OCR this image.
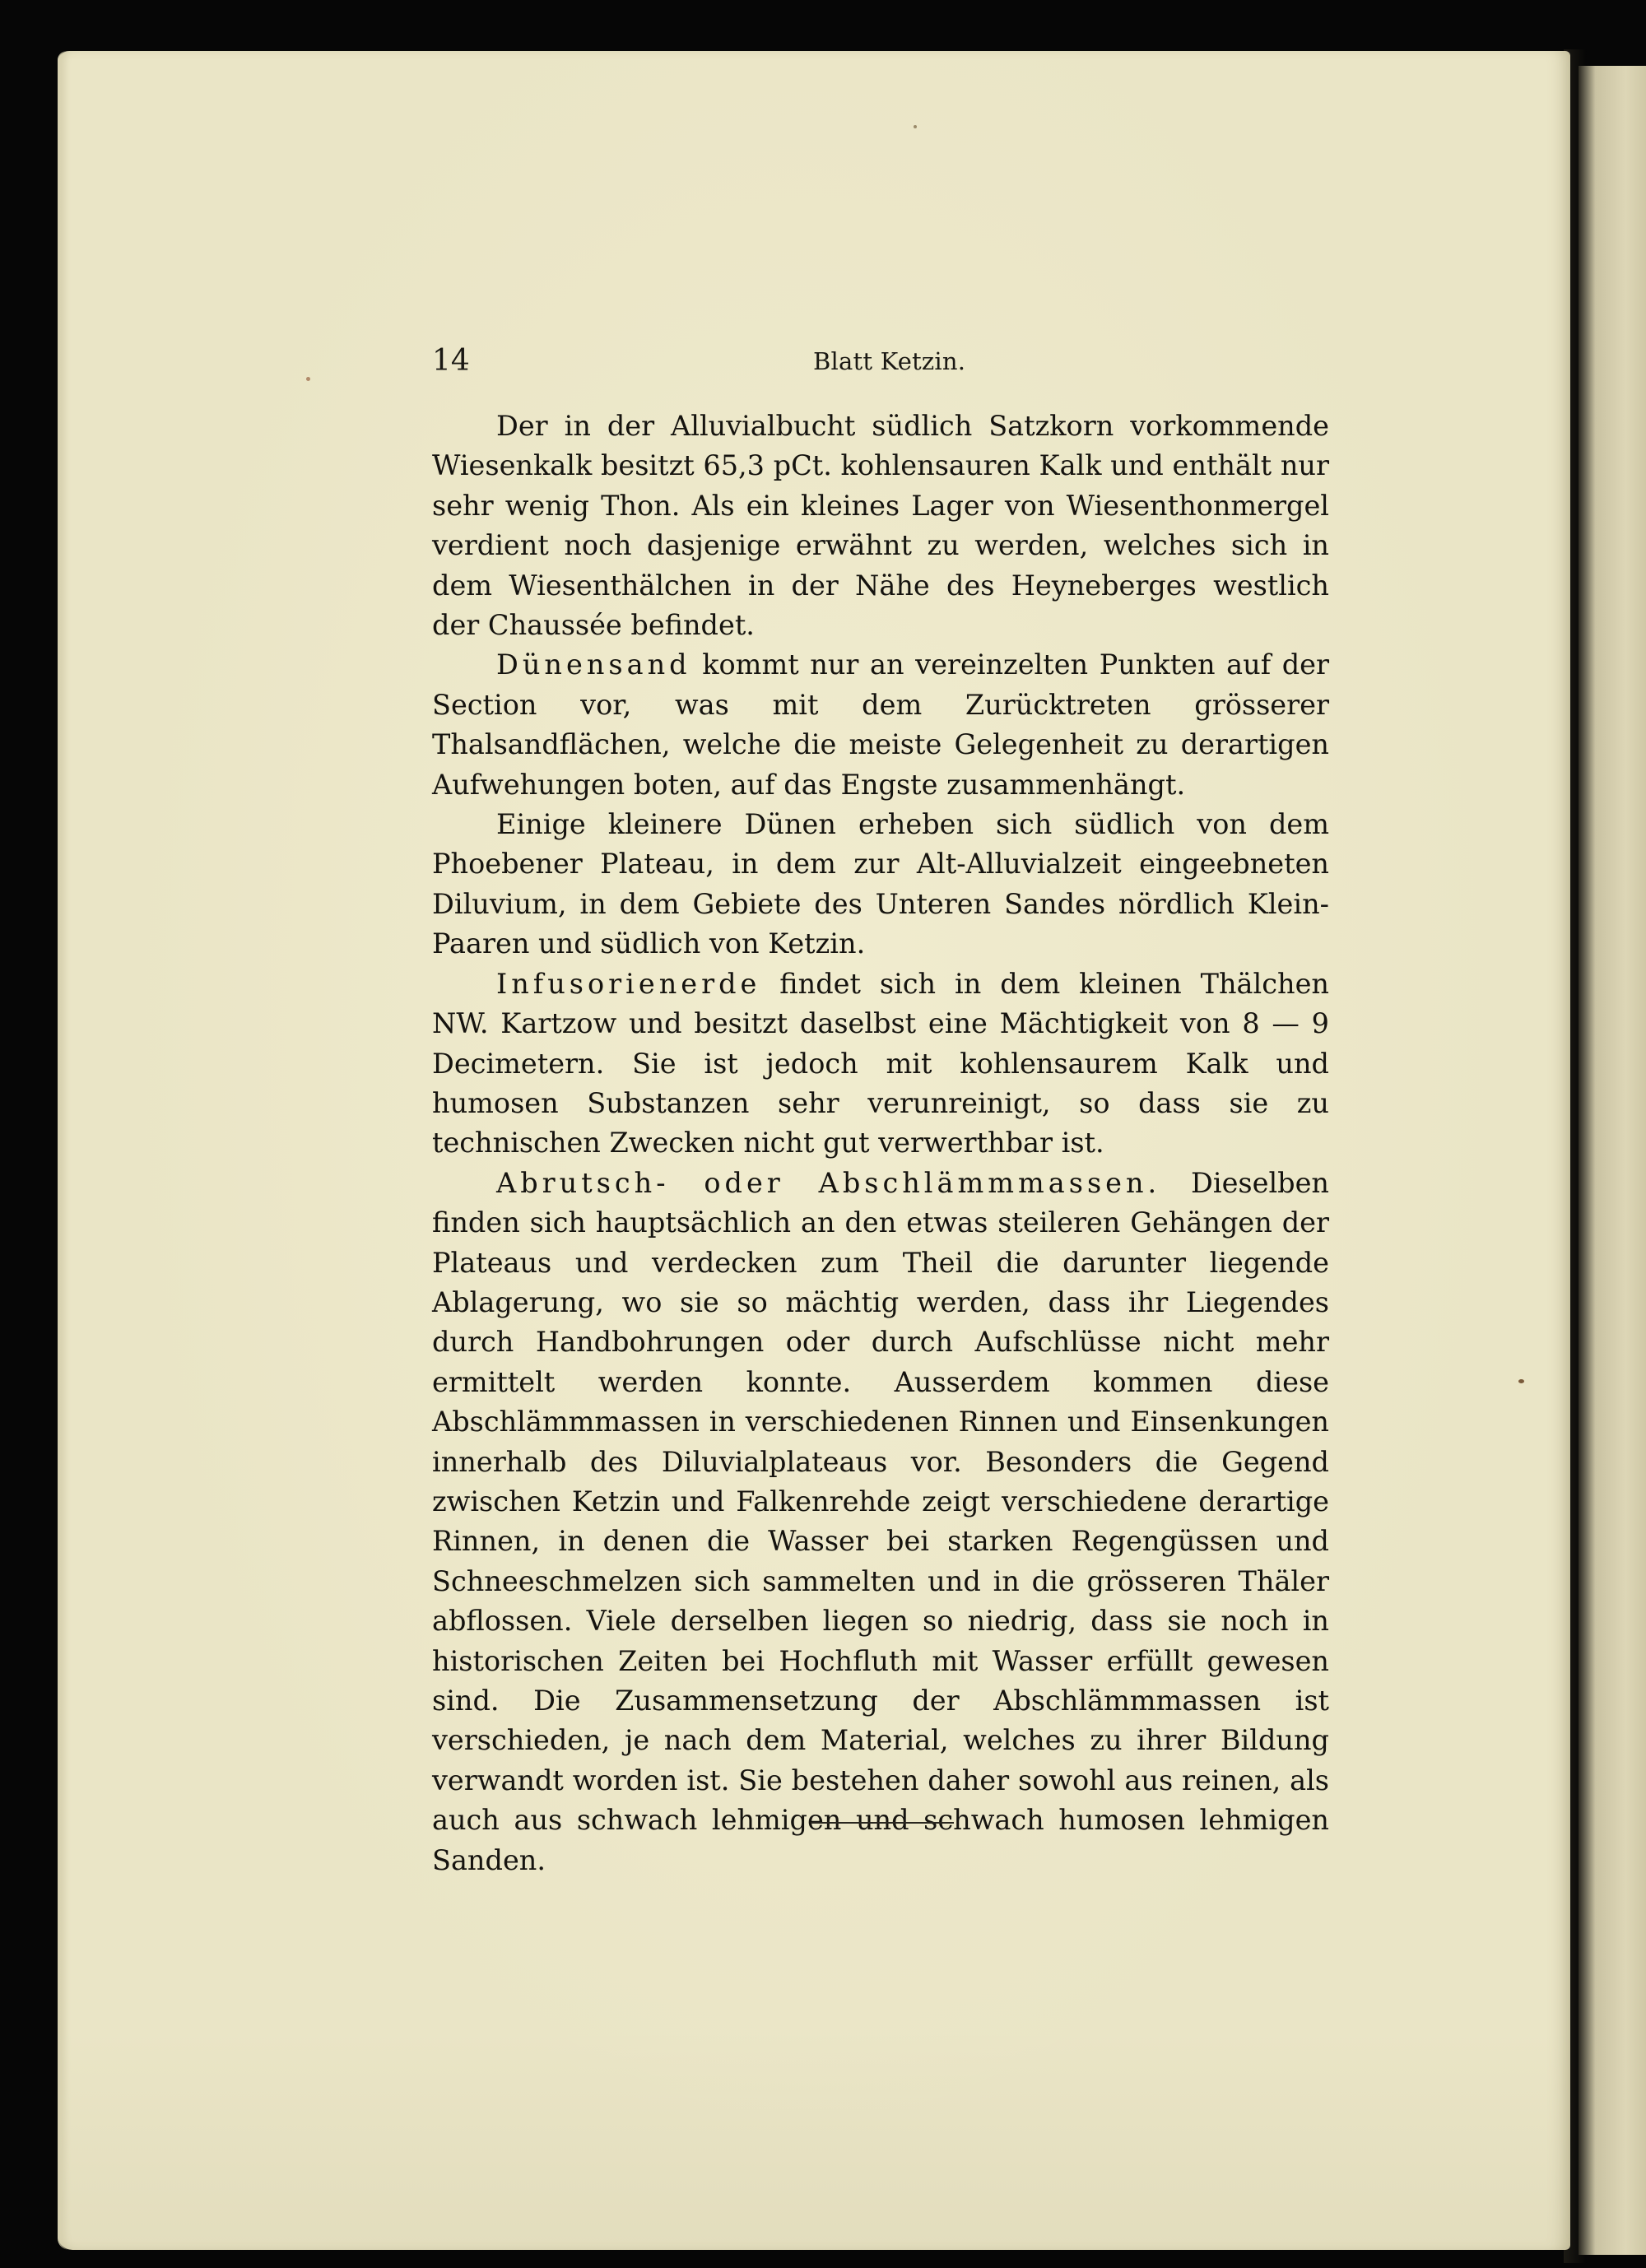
14	Blatt Ketzin.

Der in der Alluvialbucht südlich Satzkorn vorkommende Wiesenkalk besitzt 65,3 pCt. kohlensauren Kalk und enthält nur sehr wenig Thon. Als ein kleines Lager von Wiesenthonmergel verdient noch dasjenige erwähnt zu werden, welches sich in dem Wiesenthälchen in der Nähe des Heyneberges westlich der Chaussée befindet.

Dünensand kommt nur an vereinzelten Punkten auf der Section vor, was mit dem Zurücktreten grösserer Thalsandflächen, welche die meiste Gelegenheit zu derartigen Aufwehungen boten, auf das Engste zusammenhängt.

Einige kleinere Dünen erheben sich südlich von dem Phoebener Plateau, in dem zur Alt-Alluvialzeit eingeebneten Diluvium, in dem Gebiete des Unteren Sandes nördlich Klein-Paaren und südlich von Ketzin.

Infusorienerde findet sich in dem kleinen Thälchen NW. Kartzow und besitzt daselbst eine Mächtigkeit von 8 — 9 Decimetern. Sie ist jedoch mit kohlensaurem Kalk und humosen Substanzen sehr verunreinigt, so dass sie zu technischen Zwecken nicht gut verwerthbar ist.

Abrutsch- oder Abschlämmmassen. Dieselben finden sich hauptsächlich an den etwas steileren Gehängen der Plateaus und verdecken zum Theil die darunter liegende Ablagerung, wo sie so mächtig werden, dass ihr Liegendes durch Handbohrungen oder durch Aufschlüsse nicht mehr ermittelt werden konnte. Ausserdem kommen diese Abschlämmmassen in verschiedenen Rinnen und Einsenkungen innerhalb des Diluvialplateaus vor. Besonders die Gegend zwischen Ketzin und Falkenrehde zeigt verschiedene derartige Rinnen, in denen die Wasser bei starken Regengüssen und Schneeschmelzen sich sammelten und in die grösseren Thäler abflossen. Viele derselben liegen so niedrig, dass sie noch in historischen Zeiten bei Hochfluth mit Wasser erfüllt gewesen sind. Die Zusammensetzung der Abschlämmmassen ist verschieden, je nach dem Material, welches zu ihrer Bildung verwandt worden ist. Sie bestehen daher sowohl aus reinen, als auch aus schwach lehmigen und schwach humosen lehmigen Sanden.
